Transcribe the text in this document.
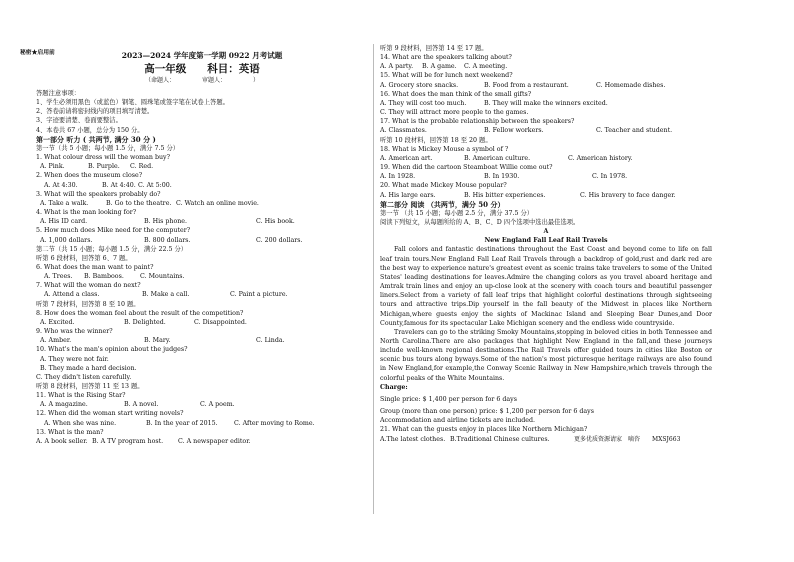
秘密★启用前	2023—2024 学年度第一学期 0922 月考试题
高一年级　　科目：英语
（命题人：　　　　　审题人：　　　　　）
答题注意事项：
1、学生必须用黑色（或蓝色）钢笔、圆珠笔或签字笔在试卷上答题。
2、答卷前请将密封线内的项目填写清楚。
3、字迹要清楚、卷面要整洁。
4、本卷共 67 小题，总分为 150 分。
第一部分 听力 ( 共两节, 满分 30 分 )
第一节（共 5 小题；每小题 1.5 分，满分 7.5 分）
1. What colour dress will the woman buy?
A. Pink.	B. Purple.	C. Red.
2. When does the museum close?
A. At 4:30.	B. At 4:40. C. At 5:00.
3. What will the speakers probably do?
A. Take a walk.	B. Go to the theatre. C. Watch an online movie.
4. What is the man looking for?
A. His ID card.	B. His phone.	C. His book.
5. How much does Mike need for the computer?
A. 1,000 dollars.	B. 800 dollars.	C. 200 dollars.
第二节（共 15 小题；每小题 1.5 分，满分 22.5 分）
听第 6 段材料，回答第 6、7 题。
6. What does the man want to paint?
A. Trees.	B. Bamboos.	C. Mountains.
7. What will the woman do next?
A. Attend a class.	B. Make a call.	C. Paint a picture.
听第 7 段材料，回答第 8 至 10 题。
8. How does the woman feel about the result of the competition?
A. Excited.	B. Delighted.	C. Disappointed.
9. Who was the winner?
A. Amber.	B. Mary.	C. Linda.
10. What's the man's opinion about the judges?
A. They were not fair.
B. They made a hard decision.
C. They didn't listen carefully.
听第 8 段材料，回答第 11 至 13 题。
11. What is the Rising Star?
A. A magazine.	B. A novel.	C. A poem.
12. When did the woman start writing novels?
A. When she was nine.	B. In the year of 2015.	C. After moving to Rome.
13. What is the man?
A. A book seller. B. A TV program host.	C. A newspaper editor.
听第 9 段材料，回答第 14 至 17 题。
14. What are the speakers talking about?
A. A party.	B. A game.	C. A meeting.
15. What will be for lunch next weekend?
A. Grocery store snacks.	B. Food from a restaurant.	C. Homemade dishes.
16. What does the man think of the small gifts?
A. They will cost too much.	B. They will make the winners excited.
C. They will attract more people to the games.
17. What is the probable relationship between the speakers?
A. Classmates.	B. Fellow workers.	C. Teacher and student.
听第 10 段材料，回答第 18 至 20 题。
18. What is Mickey Mouse a symbol of ?
A. American art.	B. American culture.	C. American history.
19. When did the cartoon Steamboat Willie come out?
A. In 1928.	B. In 1930.	C. In 1978.
20. What made Mickey Mouse popular?
A. His large ears.	B. His bitter experiences.	C. His bravery to face danger.
第二部分 阅读 （共两节，满分 50 分）
第一节 （共 15 小题；每小题 2.5 分，满分 37.5 分）
阅读下列短文，从每题所给的 A、B、C、D 四个选项中选出最佳选项。
A
New England Fall Leaf Rail Travels
Fall colors and fantastic destinations throughout the East Coast and beyond come to life on fall leaf train tours.New England Fall Leaf Rail Travels through a backdrop of gold,rust and dark red are the best way to experience nature's greatest event as scenic trains take travelers to some of the United States' leading destinations for leaves.Admire the changing colors as you travel aboard heritage and Amtrak train lines and enjoy an up-close look at the scenery with coach tours and beautiful passenger liners.Select from a variety of fall leaf trips that highlight colorful destinations through sightseeing tours and attractive trips.Dip yourself in the fall beauty of the Midwest in places like Northern Michigan,where guests enjoy the sights of Mackinac Island and Sleeping Bear Dunes,and Door County,famous for its spectacular Lake Michigan scenery and the endless wide countryside.
Travelers can go to the striking Smoky Mountains,stopping in beloved cities in both Tennessee and North Carolina.There are also packages that highlight New England in the fall,and these journeys include well-known regional destinations.The Rail Travels offer guided tours in cities like Boston or scenic bus tours along byways.Some of the nation's most picturesque heritage railways are also found in New England,for example,the Conway Scenic Railway in New Hampshire,which travels through the colorful peaks of the White Mountains.
Charge:
Single price: $ 1,400 per person for 6 days
Group (more than one person) price: $ 1,200 per person for 6 days
Accommodation and airline tickets are included.
21. What can the guests enjoy in places like Northern Michigan?
A.The latest clothes. B.Traditional Chinese cultures.	更多优质资源请家　嘀咨　　MXSJ663
